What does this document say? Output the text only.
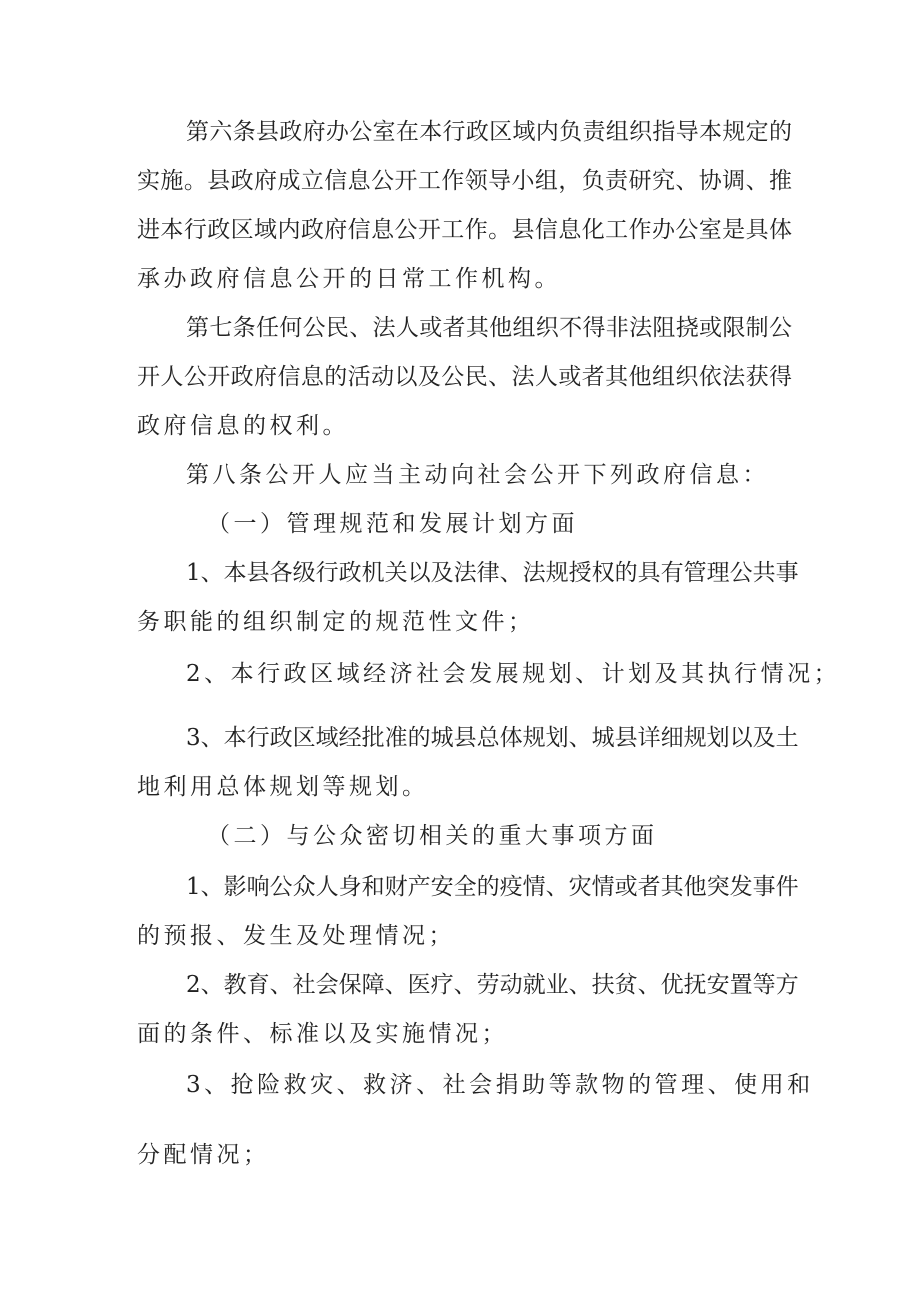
第六条县政府办公室在本行政区域内负责组织指导本规定的

实施。县政府成立信息公开工作领导小组，负责研究、协调、推

进本行政区域内政府信息公开工作。县信息化工作办公室是具体

承办政府信息公开的日常工作机构。

第七条任何公民、法人或者其他组织不得非法阻挠或限制公

开人公开政府信息的活动以及公民、法人或者其他组织依法获得

政府信息的权利。

第八条公开人应当主动向社会公开下列政府信息：

（一）管理规范和发展计划方面

1、本县各级行政机关以及法律、法规授权的具有管理公共事

务职能的组织制定的规范性文件；

2、本行政区域经济社会发展规划、计划及其执行情况；

3、本行政区域经批准的城县总体规划、城县详细规划以及土

地利用总体规划等规划。

（二）与公众密切相关的重大事项方面

1、影响公众人身和财产安全的疫情、灾情或者其他突发事件

的预报、发生及处理情况；

2、教育、社会保障、医疗、劳动就业、扶贫、优抚安置等方

面的条件、标准以及实施情况；

3、抢险救灾、救济、社会捐助等款物的管理、使用和

分配情况；
